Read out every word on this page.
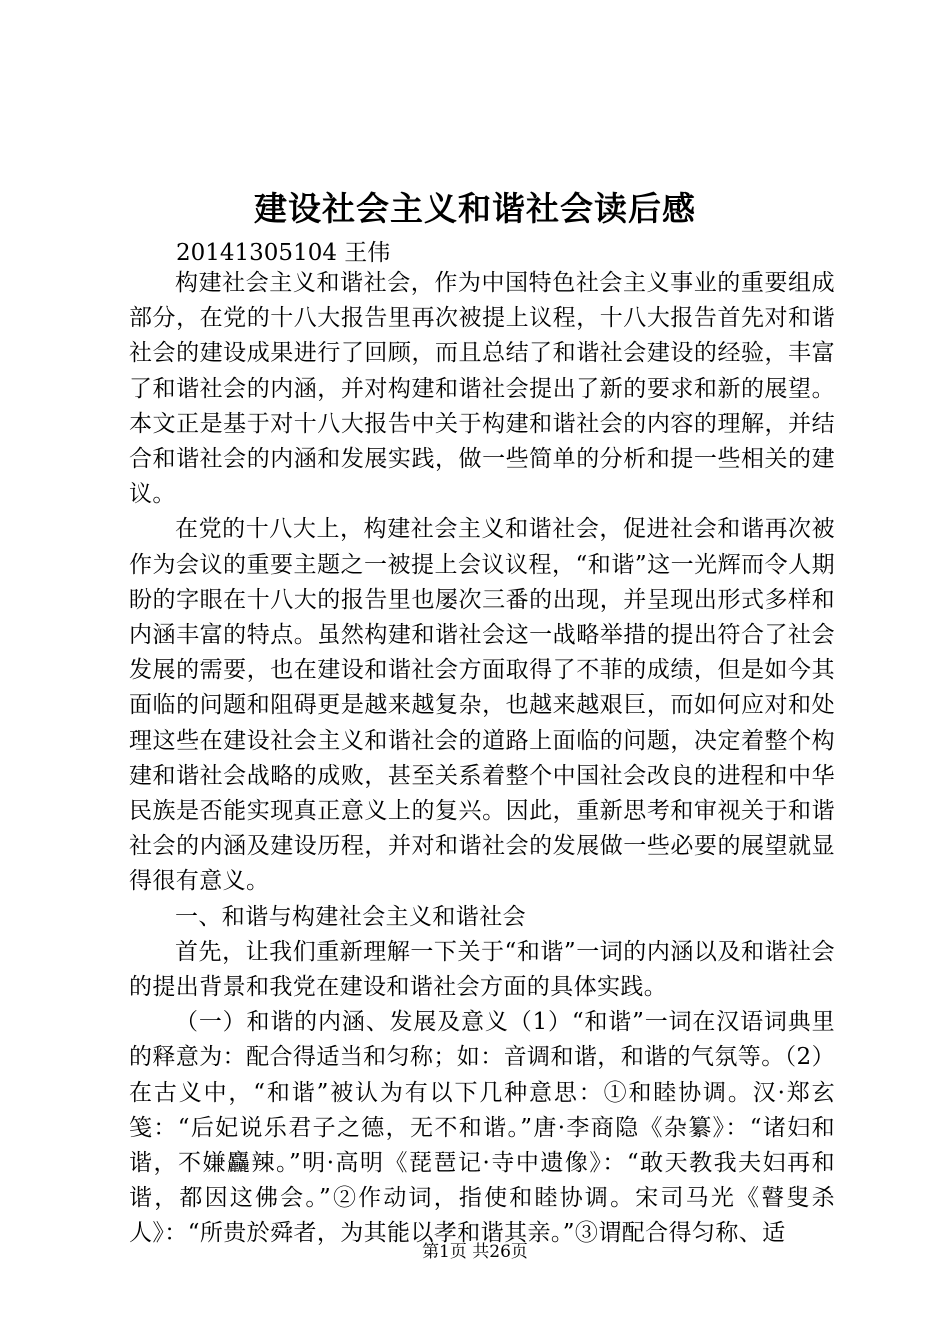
建设社会主义和谐社会读后感

20141305104 王伟

构建社会主义和谐社会，作为中国特色社会主义事业的重要组成部分，在党的十八大报告里再次被提上议程，十八大报告首先对和谐社会的建设成果进行了回顾，而且总结了和谐社会建设的经验，丰富了和谐社会的内涵，并对构建和谐社会提出了新的要求和新的展望。本文正是基于对十八大报告中关于构建和谐社会的内容的理解，并结合和谐社会的内涵和发展实践，做一些简单的分析和提一些相关的建议。

在党的十八大上，构建社会主义和谐社会，促进社会和谐再次被作为会议的重要主题之一被提上会议议程，“和谐”这一光辉而令人期盼的字眼在十八大的报告里也屡次三番的出现，并呈现出形式多样和内涵丰富的特点。虽然构建和谐社会这一战略举措的提出符合了社会发展的需要，也在建设和谐社会方面取得了不菲的成绩，但是如今其面临的问题和阻碍更是越来越复杂，也越来越艰巨，而如何应对和处理这些在建设社会主义和谐社会的道路上面临的问题，决定着整个构建和谐社会战略的成败，甚至关系着整个中国社会改良的进程和中华民族是否能实现真正意义上的复兴。因此，重新思考和审视关于和谐社会的内涵及建设历程，并对和谐社会的发展做一些必要的展望就显得很有意义。

一、和谐与构建社会主义和谐社会

首先，让我们重新理解一下关于“和谐”一词的内涵以及和谐社会的提出背景和我党在建设和谐社会方面的具体实践。

（一）和谐的内涵、发展及意义（1）“和谐”一词在汉语词典里的释意为：配合得适当和匀称；如：音调和谐，和谐的气氛等。（2）在古义中，“和谐”被认为有以下几种意思：①和睦协调。汉·郑玄笺：“后妃说乐君子之德，无不和谐。”唐·李商隐《杂纂》：“诸妇和谐，不嫌麤辣。”明·高明《琵琶记·寺中遗像》：“敢天教我夫妇再和谐，都因这佛会。”②作动词，指使和睦协调。宋司马光《瞽叟杀人》：“所贵於舜者，为其能以孝和谐其亲。”③谓配合得匀称、适

第1页 共26页
